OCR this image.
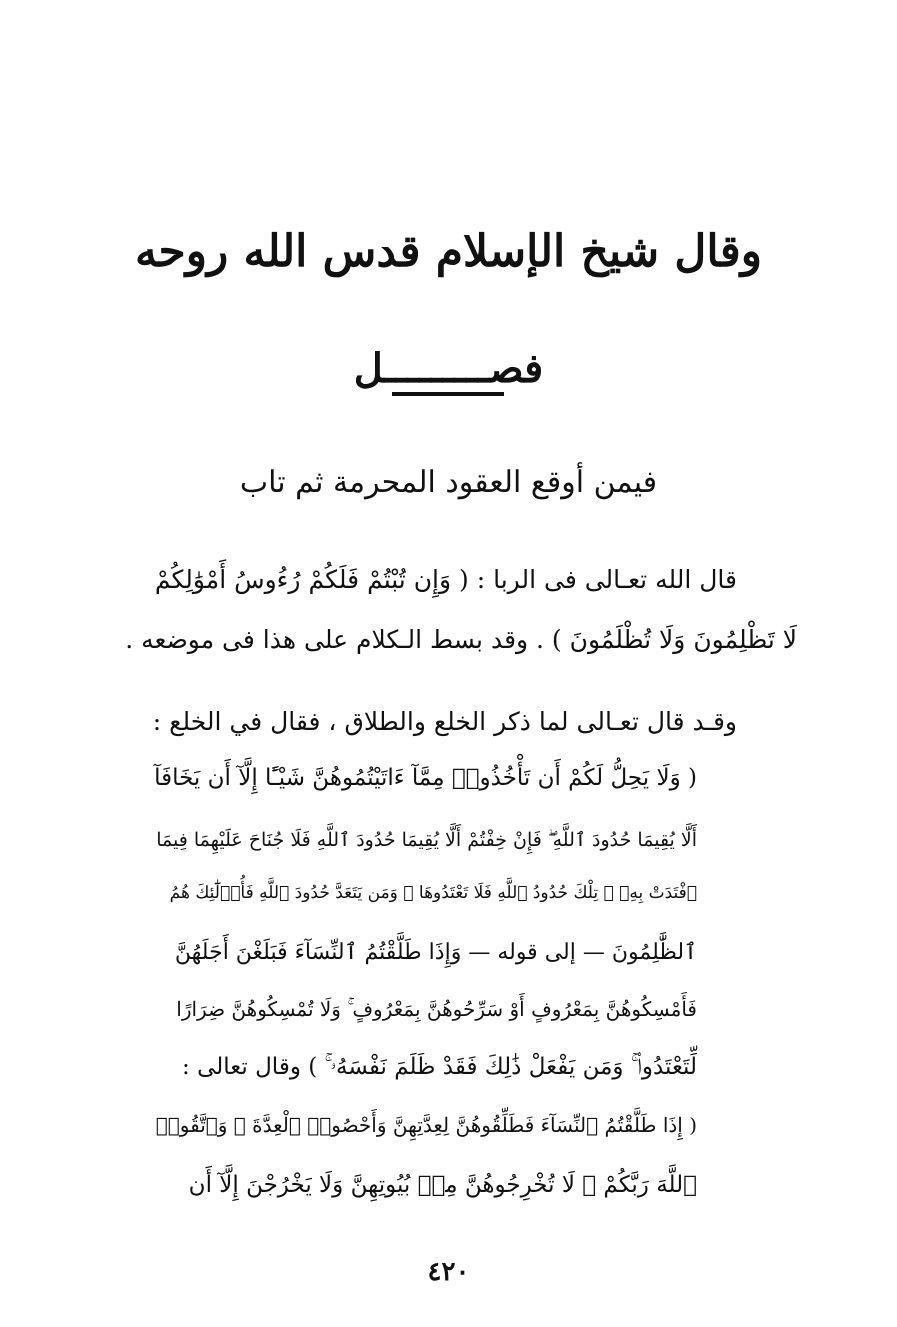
وقال شيخ الإسلام قدس الله روحه
فصـــــــــل
فيمن أوقع العقود المحرمة ثم تاب
قال الله تعـالى فى الربا : ( وَإِن تُبْتُمْ فَلَكُمْ رُءُوسُ أَمْوَٰلِكُمْ
لَا تَظْلِمُونَ وَلَا تُظْلَمُونَ ) . وقد بسط الـكلام على هذا فى موضعه .
وقـد قال تعـالى لما ذكر الخلع والطلاق ، فقال في الخلع :
( وَلَا يَحِلُّ لَكُمْ أَن تَأْخُذُوا۟ مِمَّآ ءَاتَيْتُمُوهُنَّ شَيْـًٔا إِلَّآ أَن يَخَافَآ
أَلَّا يُقِيمَا حُدُودَ ٱللَّهِ ۖ فَإِنْ خِفْتُمْ أَلَّا يُقِيمَا حُدُودَ ٱللَّهِ فَلَا جُنَاحَ عَلَيْهِمَا فِيمَا
ٱفْتَدَتْ بِهِۦ ۗ تِلْكَ حُدُودُ ٱللَّهِ فَلَا تَعْتَدُوهَا ۚ وَمَن يَتَعَدَّ حُدُودَ ٱللَّهِ فَأُو۟لَٰٓئِكَ هُمُ
ٱلظَّٰلِمُونَ — إلى قوله — وَإِذَا طَلَّقْتُمُ ٱلنِّسَآءَ فَبَلَغْنَ أَجَلَهُنَّ
فَأَمْسِكُوهُنَّ بِمَعْرُوفٍ أَوْ سَرِّحُوهُنَّ بِمَعْرُوفٍ ۚ وَلَا تُمْسِكُوهُنَّ ضِرَارًا
لِّتَعْتَدُوا۟ ۚ وَمَن يَفْعَلْ ذَٰلِكَ فَقَدْ ظَلَمَ نَفْسَهُۥ ۚ ) وقال تعالى :
( إِذَا طَلَّقْتُمُ ٱلنِّسَآءَ فَطَلِّقُوهُنَّ لِعِدَّتِهِنَّ وَأَحْصُوا۟ ٱلْعِدَّةَ ۖ وَٱتَّقُوا۟
ٱللَّهَ رَبَّكُمْ ۖ لَا تُخْرِجُوهُنَّ مِنۢ بُيُوتِهِنَّ وَلَا يَخْرُجْنَ إِلَّآ أَن
٤٢٠
